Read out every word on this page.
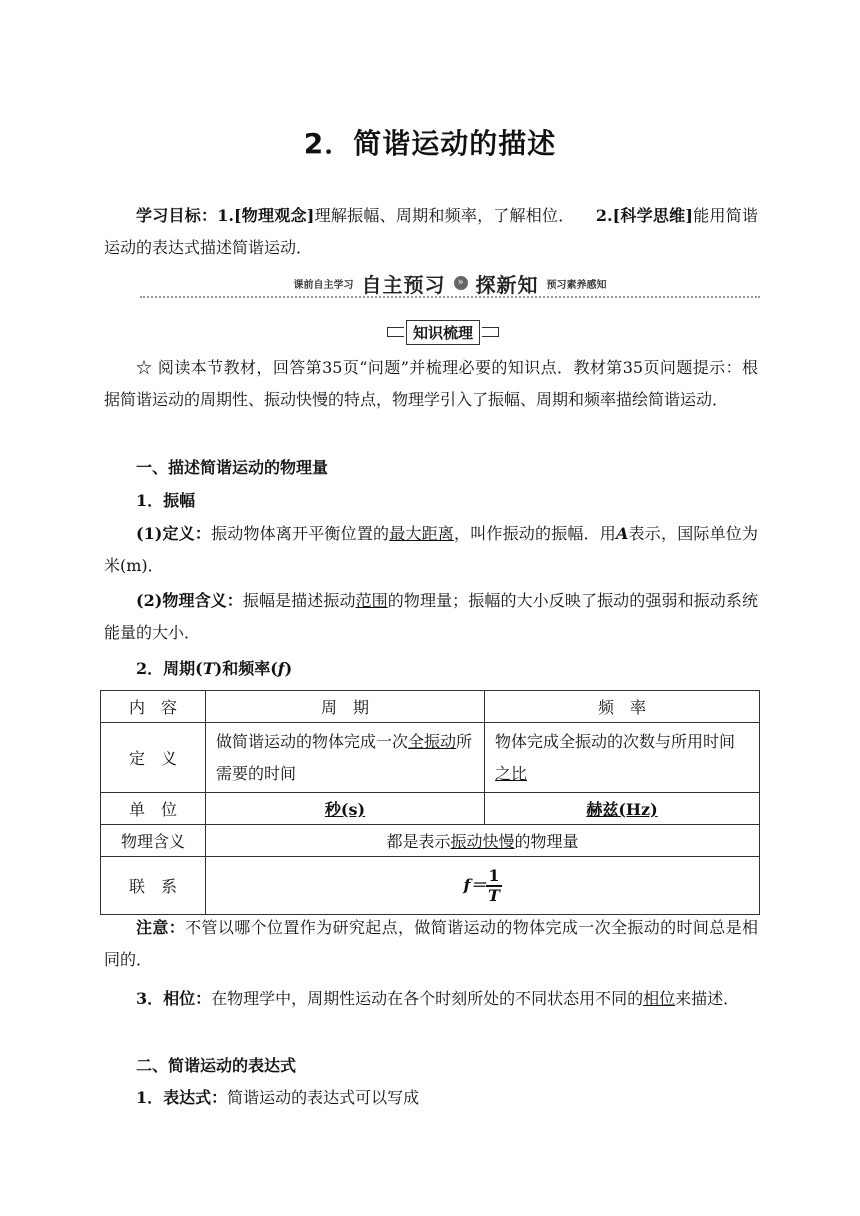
2．简谐运动的描述
学习目标：1.[物理观念]理解振幅、周期和频率，了解相位． 2.[科学思维]能用简谐运动的表达式描述简谐运动．
课前自主学习 自主预习	» 探新知 预习素养感知
知识梳理
☆ 阅读本节教材，回答第35页“问题”并梳理必要的知识点．教材第35页问题提示：根据简谐运动的周期性、振动快慢的特点，物理学引入了振幅、周期和频率描绘简谐运动．
一、描述简谐运动的物理量
1．振幅
(1)定义：振动物体离开平衡位置的最大距离，叫作振动的振幅．用A表示，国际单位为米(m)．
(2)物理含义：振幅是描述振动范围的物理量；振幅的大小反映了振动的强弱和振动系统能量的大小．
2．周期(T)和频率(f)
内　容	周　期	频　率
定　义	做简谐运动的物体完成一次全振动所需要的时间	物体完成全振动的次数与所用时间之比
单　位	秒(s)	赫兹(Hz)
物理含义	都是表示振动快慢的物理量	
联　系	$f= \frac{1}{T}$
注意：不管以哪个位置作为研究起点，做简谐运动的物体完成一次全振动的时间总是相同的．
3．相位：在物理学中，周期性运动在各个时刻所处的不同状态用不同的相位来描述．
二、简谐运动的表达式
1．表达式：简谐运动的表达式可以写成
